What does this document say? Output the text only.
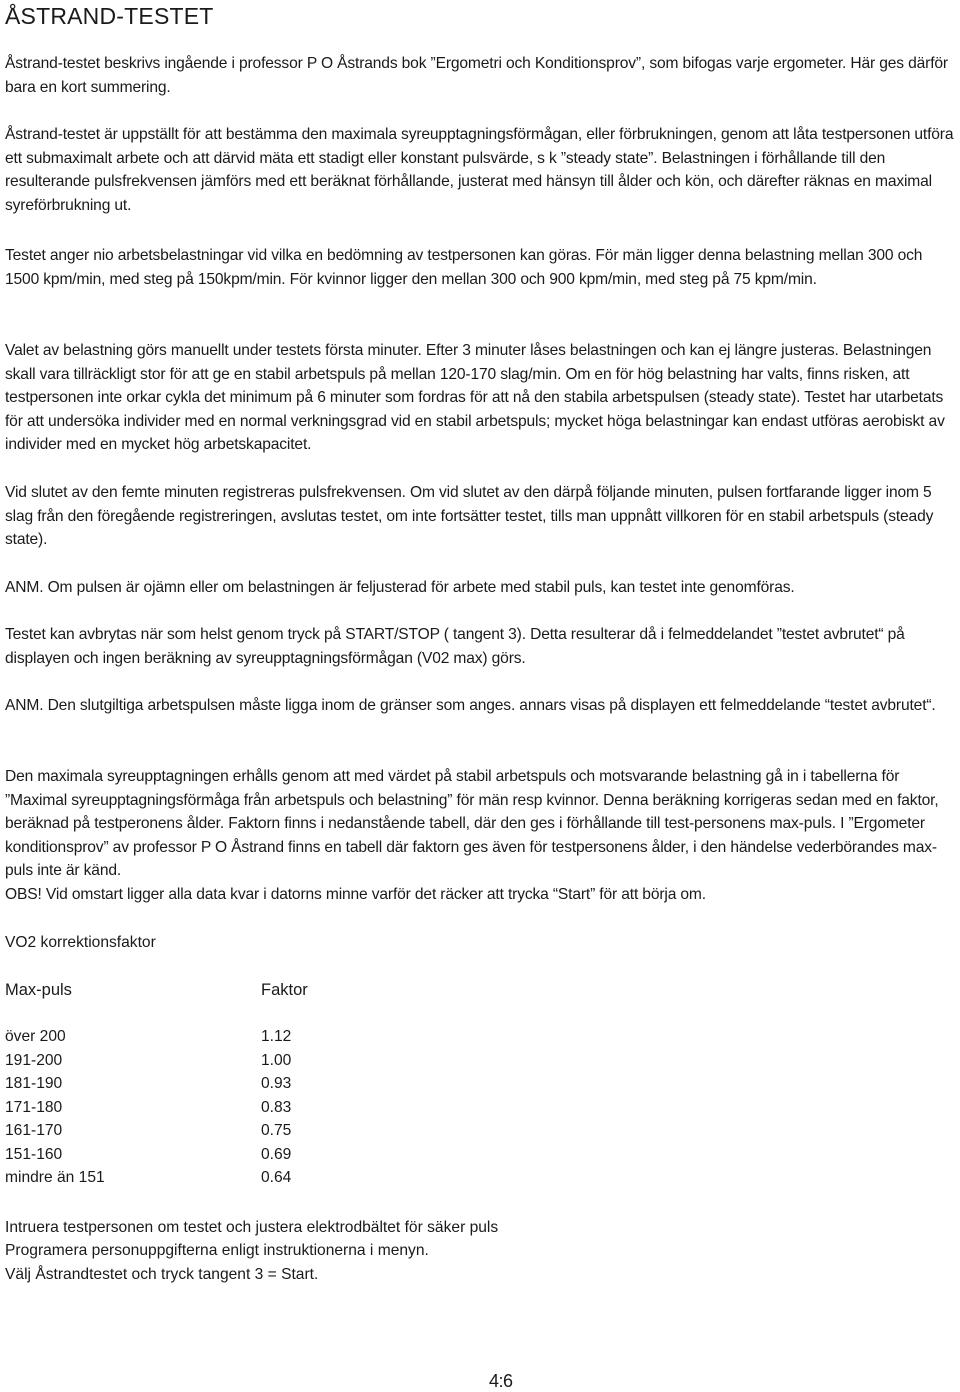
ÅSTRAND-TESTET

Åstrand-testet beskrivs ingående i professor P O Åstrands bok ”Ergometri och Konditionsprov”, som bifogas varje ergometer. Här ges därför bara en kort summering.

Åstrand-testet är uppställt för att bestämma den maximala syreupptagningsförmågan, eller förbrukningen, genom att låta testpersonen utföra ett submaximalt arbete och att därvid mäta ett stadigt eller konstant pulsvärde, s k ”steady state”. Belastningen i förhållande till den resulterande pulsfrekvensen jämförs med ett beräknat förhållande, justerat med hänsyn till ålder och kön, och därefter räknas en maximal syreförbrukning ut.

Testet anger nio arbetsbelastningar vid vilka en bedömning av testpersonen kan göras. För män ligger denna belastning mellan 300 och 1500 kpm/min, med steg på 150kpm/min. För kvinnor ligger den mellan 300 och 900 kpm/min, med steg på 75 kpm/min.

Valet av belastning görs manuellt under testets första minuter. Efter 3 minuter låses belastningen och kan ej längre justeras. Belastningen skall vara tillräckligt stor för att ge en stabil arbetspuls på mellan 120-170 slag/min. Om en för hög belastning har valts, finns risken, att testpersonen inte orkar cykla det minimum på 6 minuter som fordras för att nå den stabila arbetspulsen (steady state). Testet har utarbetats för att undersöka individer med en normal verkningsgrad vid en stabil arbetspuls; mycket höga belastningar kan endast utföras aerobiskt av individer med en mycket hög arbetskapacitet.

Vid slutet av den femte minuten registreras pulsfrekvensen. Om vid slutet av den därpå följande minuten, pulsen fortfarande ligger inom 5 slag från den föregående registreringen, avslutas testet, om inte fortsätter testet, tills man uppnått villkoren för en stabil arbetspuls (steady state).

ANM. Om pulsen är ojämn eller om belastningen är feljusterad för arbete med stabil puls, kan testet inte genomföras.

Testet kan avbrytas när som helst genom tryck på START/STOP ( tangent 3). Detta resulterar då i felmeddelandet ”testet avbrutet“ på displayen och ingen beräkning av syreupptagningsförmågan (V02 max) görs.

ANM. Den slutgiltiga arbetspulsen måste ligga inom de gränser som anges. annars visas på displayen ett felmeddelande “testet avbrutet“.

Den maximala syreupptagningen erhålls genom att med värdet på stabil arbetspuls och motsvarande belastning gå in i tabellerna för ”Maximal syreupptagningsförmåga från arbetspuls och belastning” för män resp kvinnor. Denna beräkning korrigeras sedan med en faktor, beräknad på testperonens ålder. Faktorn finns i nedanstående tabell, där den ges i förhållande till test-personens max-puls. I ”Ergometer konditionsprov” av professor P O Åstrand finns en tabell där faktorn ges även för testpersonens ålder, i den händelse vederbörandes max-puls inte är känd.

OBS! Vid omstart ligger alla data kvar i datorns minne varför det räcker att trycka “Start” för att börja om.

VO2 korrektionsfaktor

Max-puls	Faktor

över 200	1.12
191-200	1.00
181-190	0.93
171-180	0.83
161-170	0.75
151-160	0.69
mindre än 151	0.64

Intruera testpersonen om testet och justera elektrodbältet för säker puls

Programera personuppgifterna enligt instruktionerna i menyn.

Välj Åstrandtestet och tryck tangent 3 = Start.

4:6
